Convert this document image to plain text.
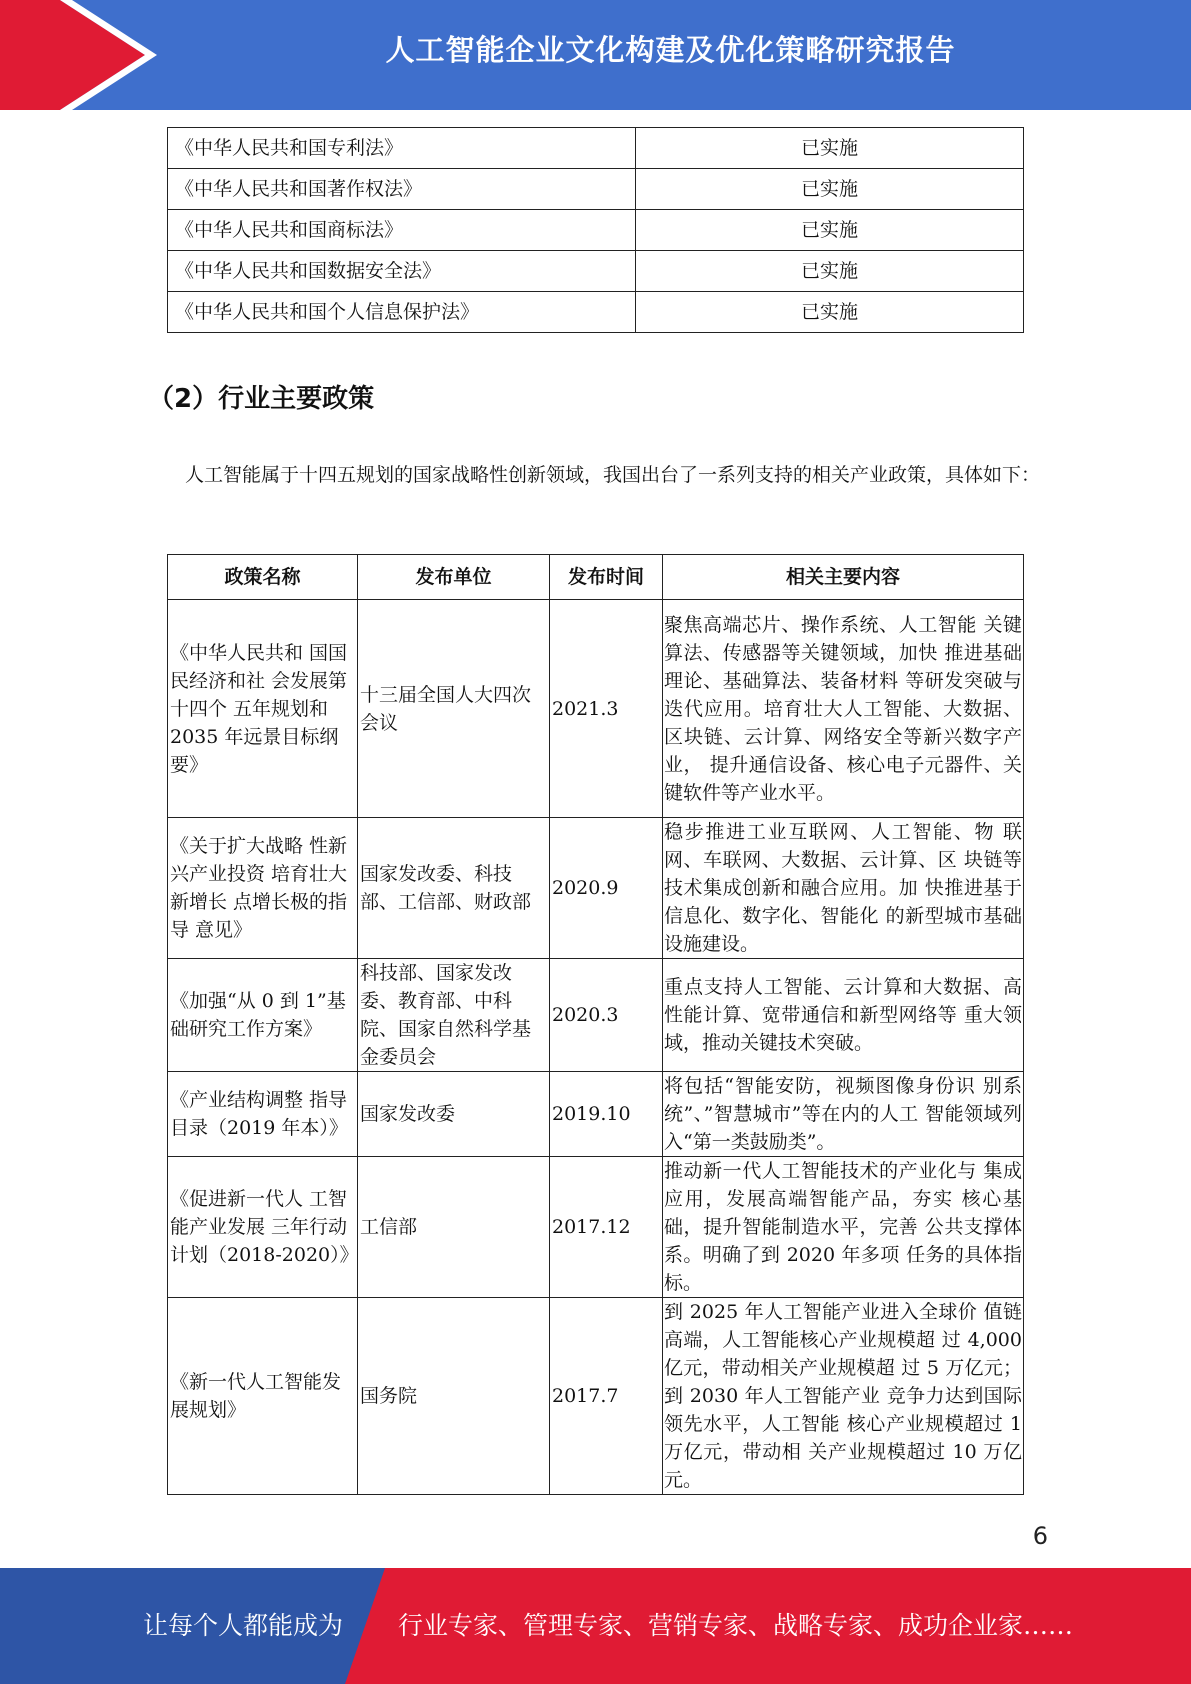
人工智能企业文化构建及优化策略研究报告
《中华人民共和国专利法》	已实施
《中华人民共和国著作权法》	已实施
《中华人民共和国商标法》	已实施
《中华人民共和国数据安全法》	已实施
《中华人民共和国个人信息保护法》	已实施
（2）行业主要政策
人工智能属于十四五规划的国家战略性创新领域，我国出台了一系列支持的相关产业政策，具体如下：
政策名称	发布单位	发布时间	相关主要内容
《中华人民共和 国国民经济和社 会发展第十四个 五年规划和 2035 年远景目标纲要》	十三届全国人大四次会议	2021.3	聚焦高端芯片、操作系统、人工智能 关键算法、传感器等关键领域，加快 推进基础理论、基础算法、装备材料 等研发突破与迭代应用。培育壮大人工智能、大数据、区块链、云计算、网络安全等新兴数字产业， 提升通信设备、核心电子元器件、关 键软件等产业水平。
《关于扩大战略 性新兴产业投资 培育壮大新增长 点增长极的指导 意见》	国家发改委、科技部、工信部、财政部	2020.9	稳步推进工业互联网、人工智能、物 联网、车联网、大数据、云计算、区 块链等技术集成创新和融合应用。加 快推进基于信息化、数字化、智能化 的新型城市基础设施建设。
《加强“从 0 到 1”基础研究工作方案》	科技部、国家发改委、教育部、中科院、国家自然科学基金委员会	2020.3	重点支持人工智能、云计算和大数据、高性能计算、宽带通信和新型网络等 重大领域，推动关键技术突破。
《产业结构调整 指导目录（2019 年本）》	国家发改委	2019.10	将包括“智能安防，视频图像身份识 别系统”、”智慧城市”等在内的人工 智能领域列入“第一类鼓励类”。
《促进新一代人 工智能产业发展 三年行动计划（2018-2020）》	工信部	2017.12	推动新一代人工智能技术的产业化与 集成应用，发展高端智能产品，夯实 核心基础，提升智能制造水平，完善 公共支撑体系。明确了到 2020 年多项 任务的具体指标。
《新一代人工智能发展规划》	国务院	2017.7	到 2025 年人工智能产业进入全球价 值链高端，人工智能核心产业规模超 过 4,000 亿元，带动相关产业规模超 过 5 万亿元；到 2030 年人工智能产业 竞争力达到国际领先水平，人工智能 核心产业规模超过 1 万亿元，带动相 关产业规模超过 10 万亿元。
6
让每个人都能成为 行业专家、管理专家、营销专家、战略专家、成功企业家……
